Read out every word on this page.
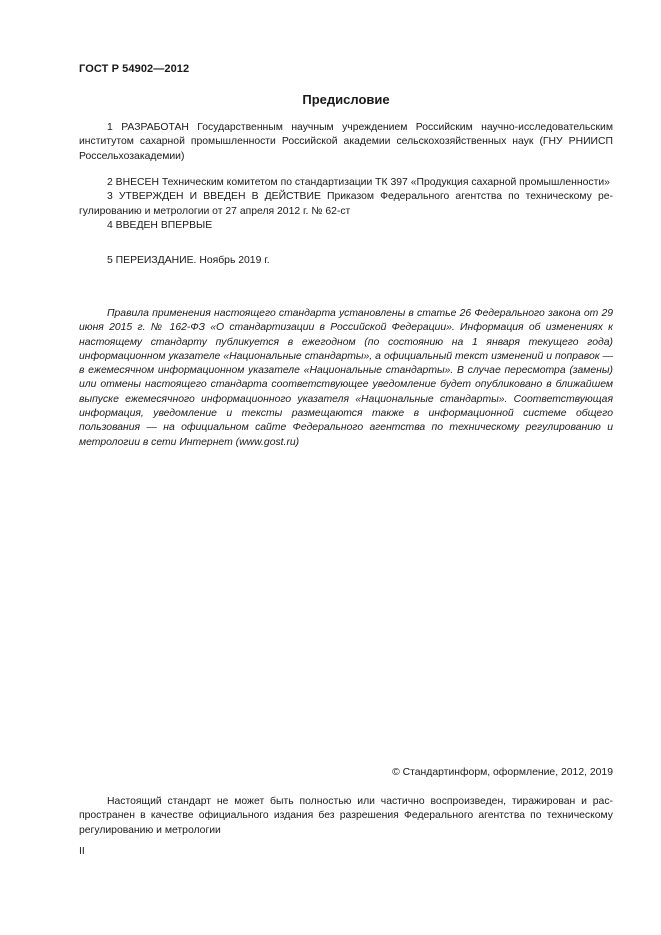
ГОСТ Р 54902—2012
Предисловие

1 РАЗРАБОТАН Государственным научным учреждением Российским научно-исследовательским институтом сахарной промышленности Российской академии сельскохозяйственных наук (ГНУ РНИИСП Россельхозакадемии)

2 ВНЕСЕН Техническим комитетом по стандартизации ТК 397 «Продукция сахарной промышленности»

3 УТВЕРЖДЕН И ВВЕДЕН В ДЕЙСТВИЕ Приказом Федерального агентства по техническому регулированию и метрологии от 27 апреля 2012 г. № 62-ст

4 ВВЕДЕН ВПЕРВЫЕ

5 ПЕРЕИЗДАНИЕ. Ноябрь 2019 г.

Правила применения настоящего стандарта установлены в статье 26 Федерального закона от 29 июня 2015 г. № 162-ФЗ «О стандартизации в Российской Федерации». Информация об изменениях к настоящему стандарту публикуется в ежегодном (по состоянию на 1 января текущего года) информационном указателе «Национальные стандарты», а официальный текст изменений и поправок — в ежемесячном информационном указателе «Национальные стандарты». В случае пересмотра (замены) или отмены настоящего стандарта соответствующее уведомление будет опубликовано в ближайшем выпуске ежемесячного информационного указателя «Национальные стандарты». Соответствующая информация, уведомление и тексты размещаются также в информационной системе общего пользования — на официальном сайте Федерального агентства по техническому регулированию и метрологии в сети Интернет (www.gost.ru)

© Стандартинформ, оформление, 2012, 2019

Настоящий стандарт не может быть полностью или частично воспроизведен, тиражирован и распространен в качестве официального издания без разрешения Федерального агентства по техническому регулированию и метрологии

II
